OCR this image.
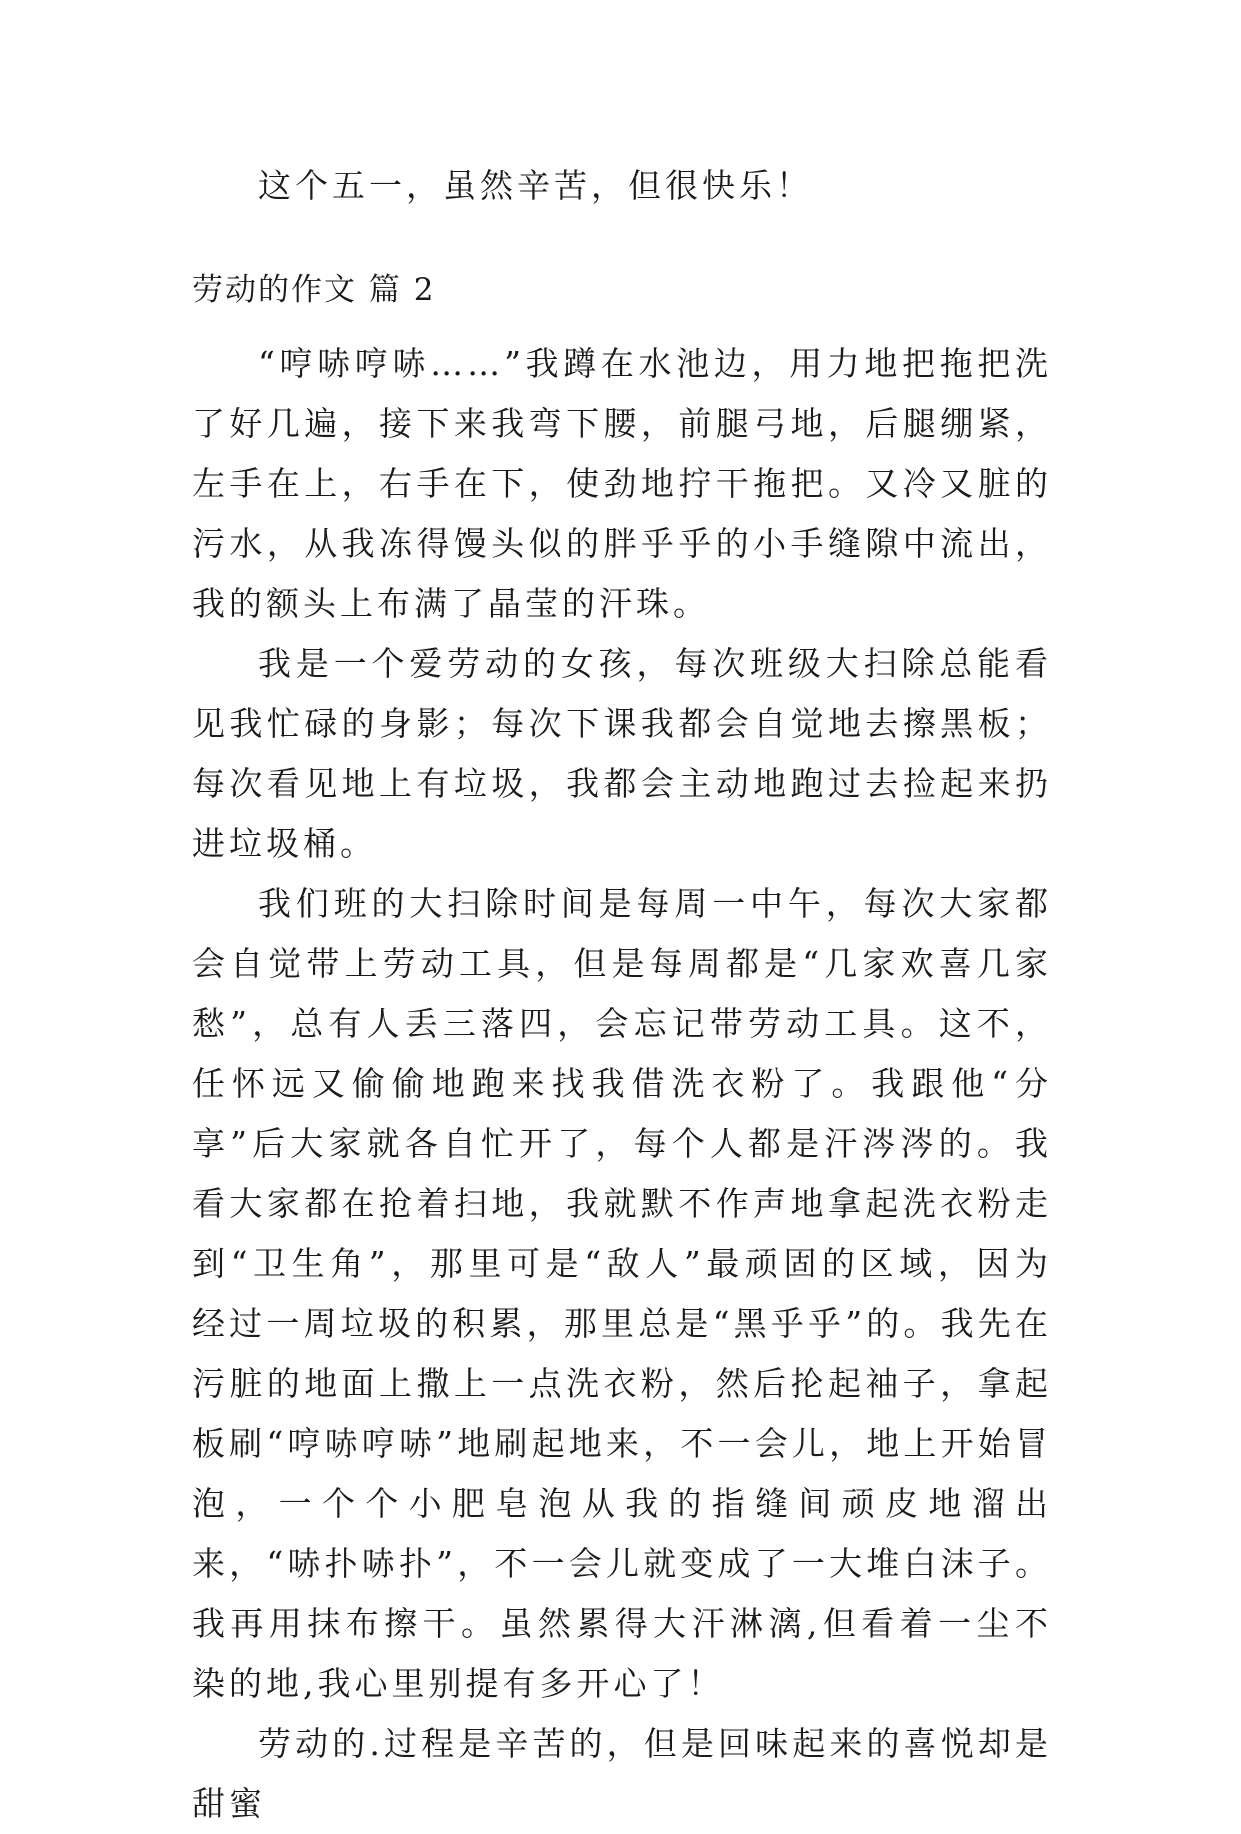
这个五一，虽然辛苦，但很快乐！
劳动的作文 篇 2

“哼哧哼哧……”我蹲在水池边，用力地把拖把洗了好几遍，接下来我弯下腰，前腿弓地，后腿绷紧，左手在上，右手在下，使劲地拧干拖把。又冷又脏的污水，从我冻得馒头似的胖乎乎的小手缝隙中流出，我的额头上布满了晶莹的汗珠。

我是一个爱劳动的女孩，每次班级大扫除总能看见我忙碌的身影；每次下课我都会自觉地去擦黑板；每次看见地上有垃圾，我都会主动地跑过去捡起来扔进垃圾桶。

我们班的大扫除时间是每周一中午，每次大家都会自觉带上劳动工具，但是每周都是“几家欢喜几家愁”，总有人丢三落四，会忘记带劳动工具。这不，任怀远又偷偷地跑来找我借洗衣粉了。我跟他“分享”后大家就各自忙开了，每个人都是汗涔涔的。我看大家都在抢着扫地，我就默不作声地拿起洗衣粉走到“卫生角”，那里可是“敌人”最顽固的区域，因为经过一周垃圾的积累，那里总是“黑乎乎”的。我先在污脏的地面上撒上一点洗衣粉，然后抡起袖子，拿起板刷“哼哧哼哧”地刷起地来，不一会儿，地上开始冒泡，一个个小肥皂泡从我的指缝间顽皮地溜出来，“哧扑哧扑”，不一会儿就变成了一大堆白沫子。我再用抹布擦干。虽然累得大汗淋漓,但看着一尘不染的地,我心里别提有多开心了！

劳动的.过程是辛苦的，但是回味起来的喜悦却是甜蜜
